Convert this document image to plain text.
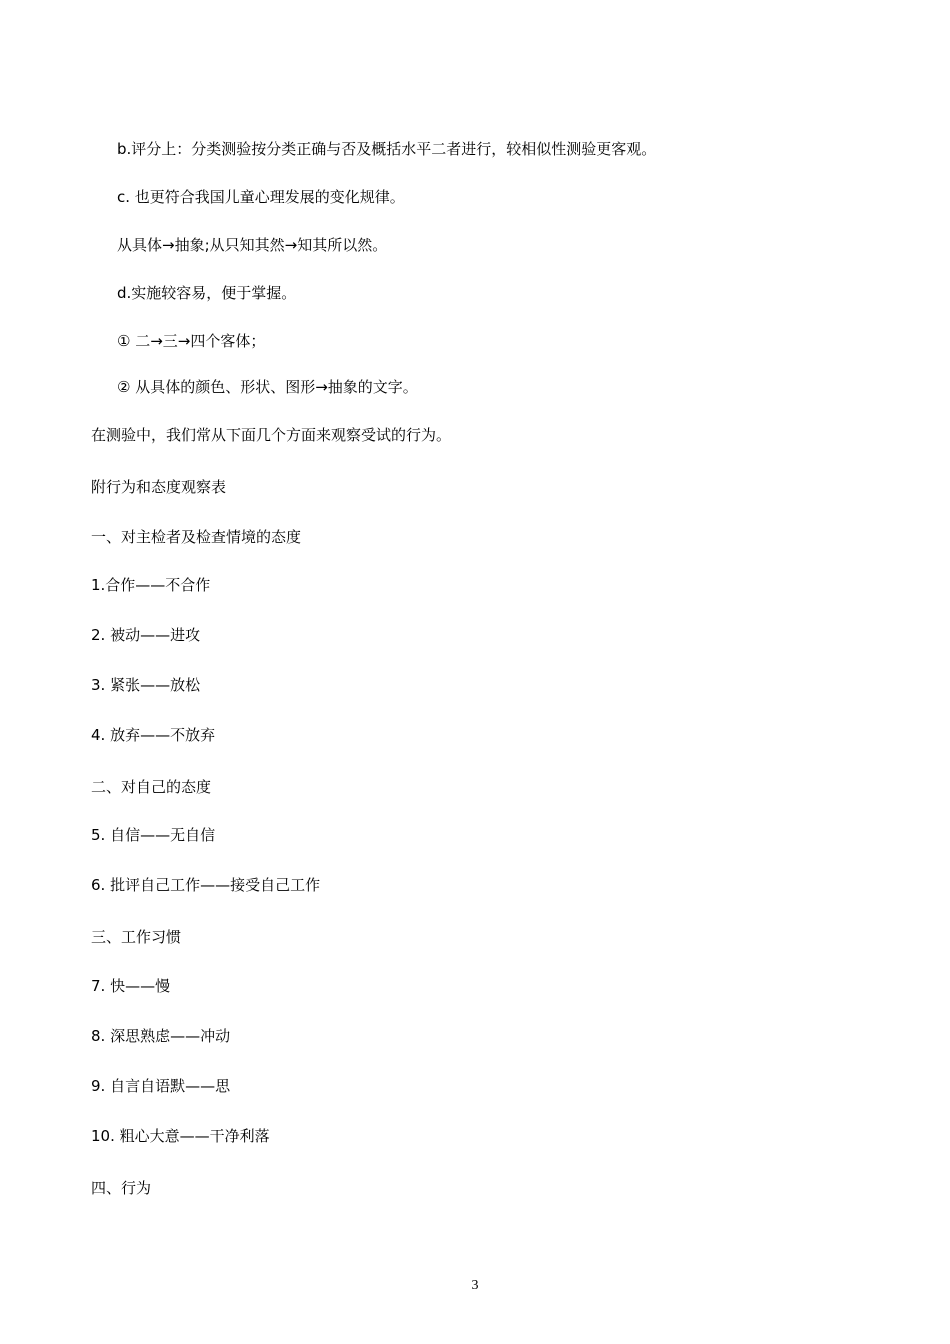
b.评分上：分类测验按分类正确与否及概括水平二者进行，较相似性测验更客观。
c. 也更符合我国儿童心理发展的变化规律。
从具体→抽象;从只知其然→知其所以然。
d.实施较容易，便于掌握。
① 二→三→四个客体；
② 从具体的颜色、形状、图形→抽象的文字。
在测验中，我们常从下面几个方面来观察受试的行为。
附行为和态度观察表
一、对主检者及检查情境的态度
1.合作——不合作
2. 被动——进攻
3. 紧张——放松
4. 放弃——不放弃
二、对自己的态度
5. 自信——无自信
6. 批评自己工作——接受自己工作
三、工作习惯
7. 快——慢
8. 深思熟虑——冲动
9. 自言自语默——思
10. 粗心大意——干净利落
四、行为
3
